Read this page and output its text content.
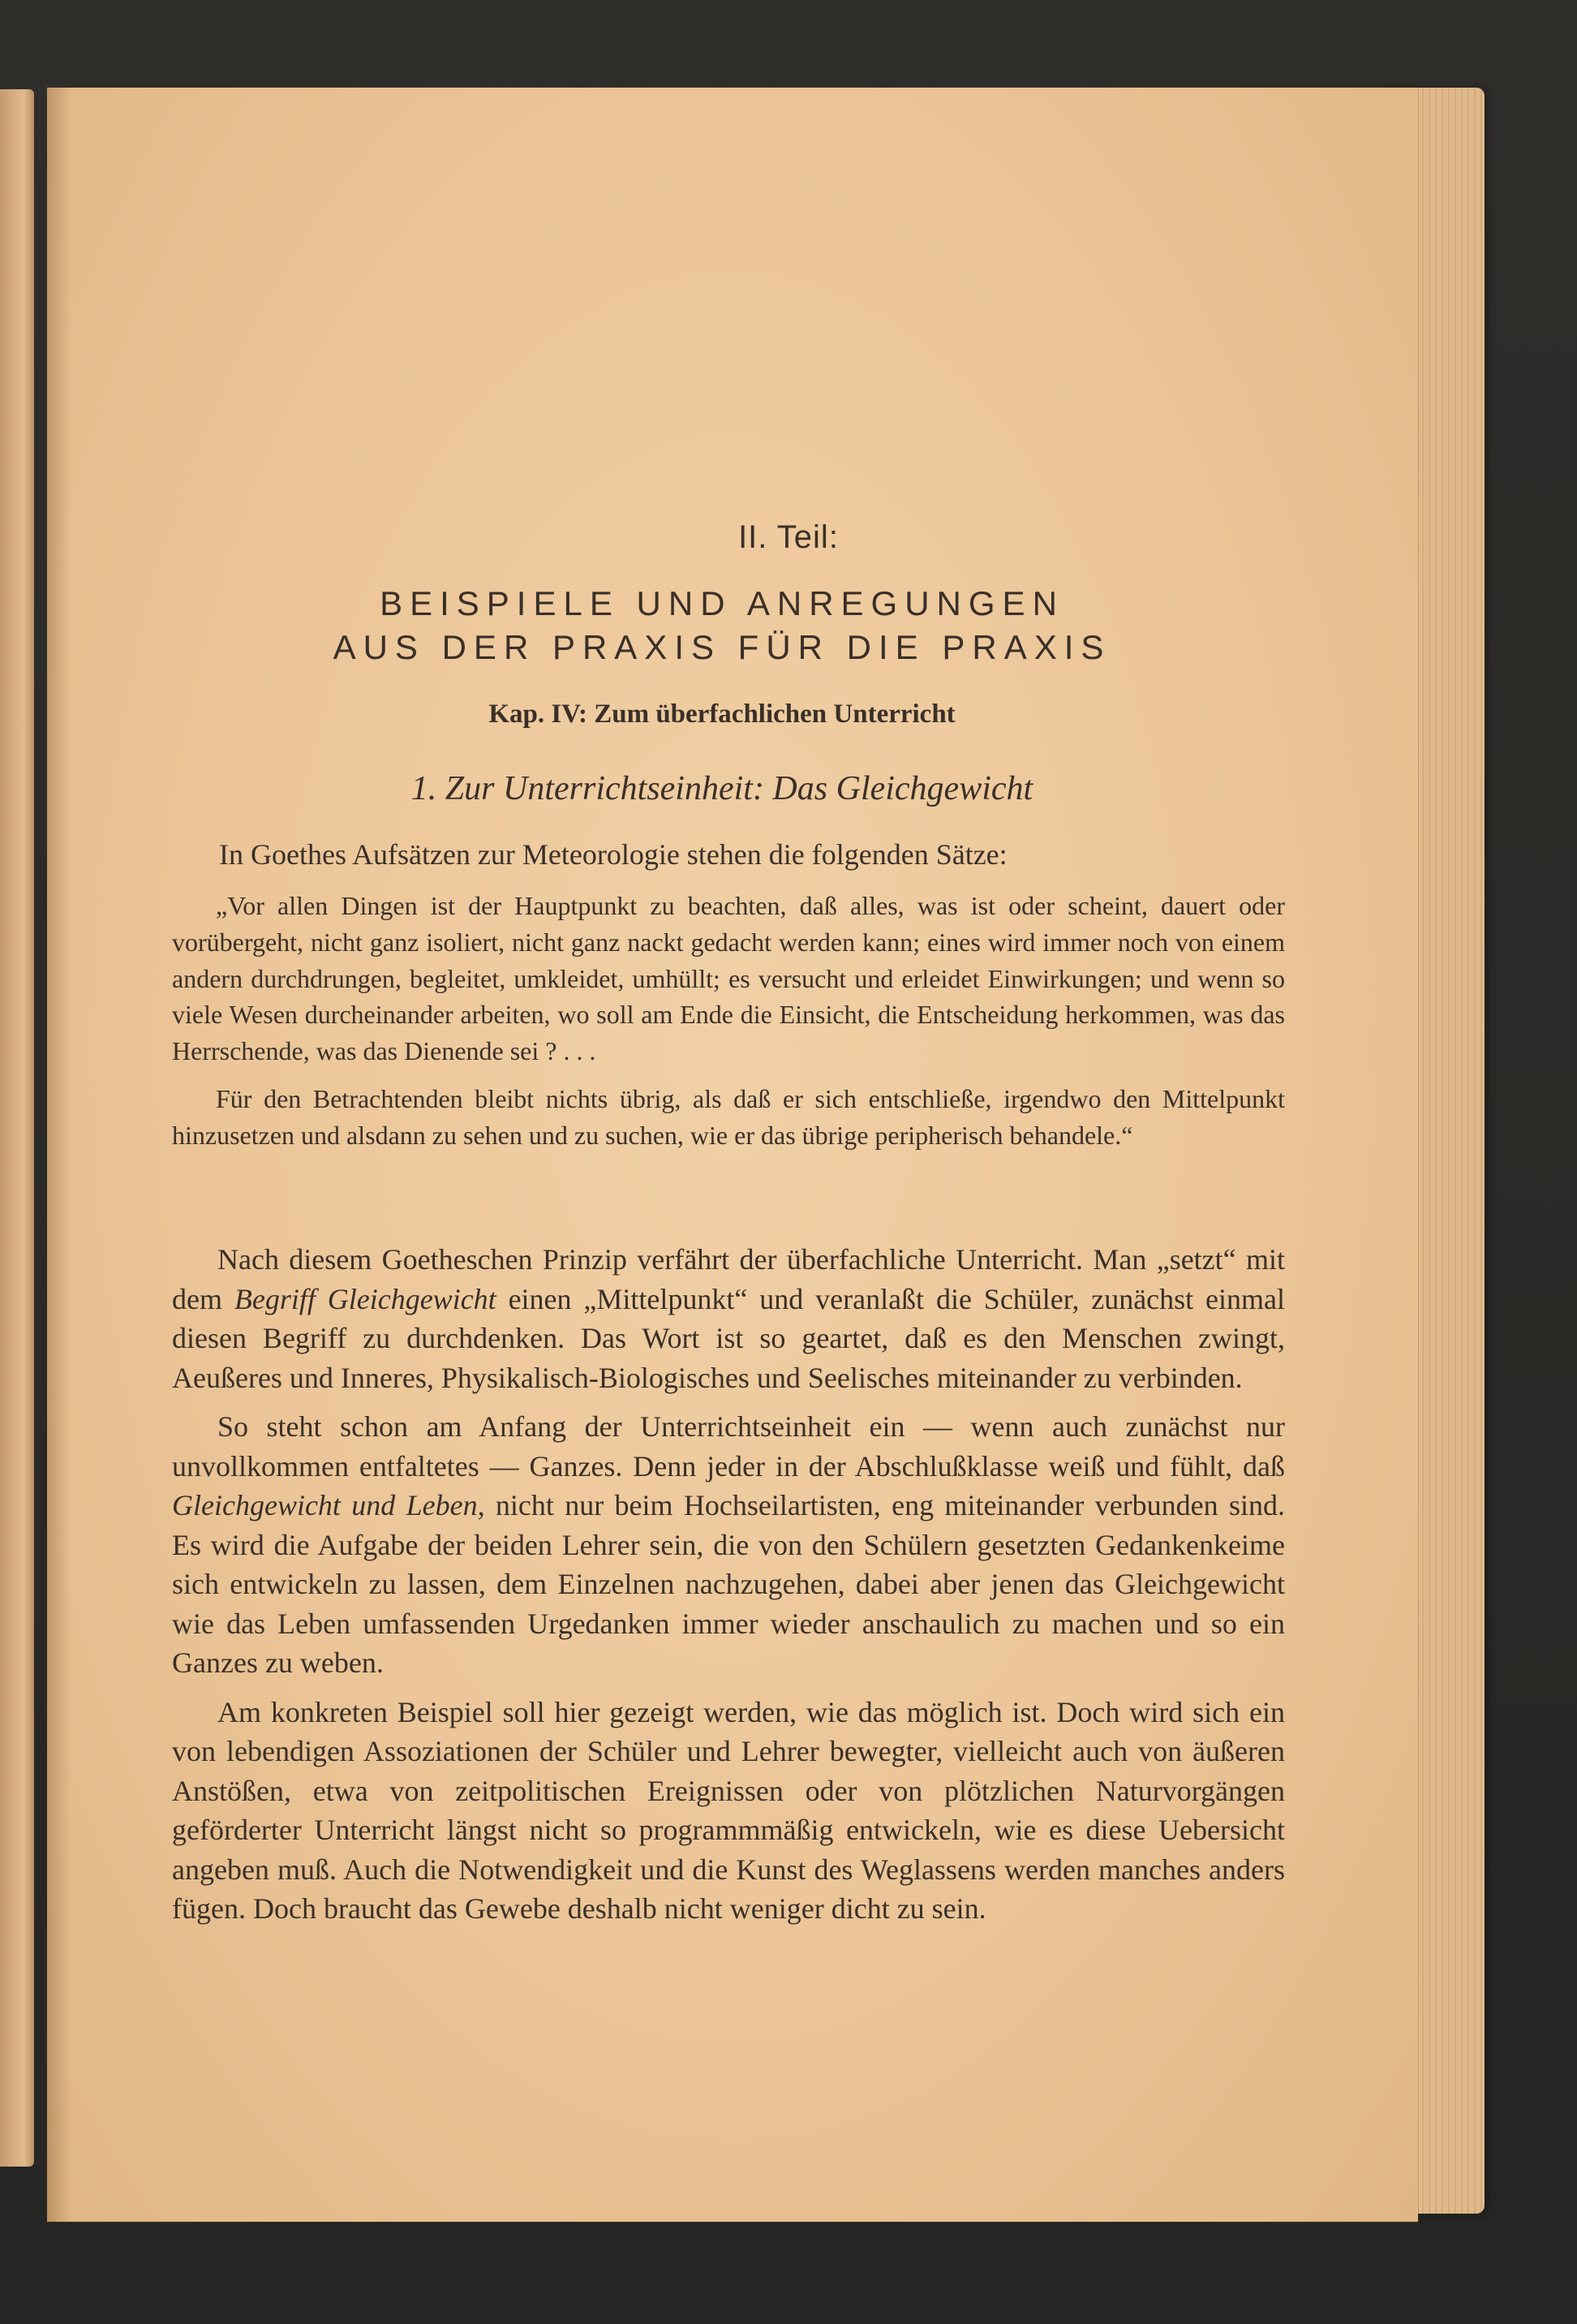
II. Teil:
BEISPIELE UND ANREGUNGEN
AUS DER PRAXIS FÜR DIE PRAXIS
Kap. IV: Zum überfachlichen Unterricht
1. Zur Unterrichtseinheit: Das Gleichgewicht
In Goethes Aufsätzen zur Meteorologie stehen die folgenden Sätze:

„Vor allen Dingen ist der Hauptpunkt zu beachten, daß alles, was ist oder scheint, dauert oder vorübergeht, nicht ganz isoliert, nicht ganz nackt gedacht werden kann; eines wird immer noch von einem andern durchdrungen, begleitet, umkleidet, umhüllt; es versucht und erleidet Einwirkungen; und wenn so viele Wesen durcheinander arbeiten, wo soll am Ende die Einsicht, die Entscheidung herkommen, was das Herrschende, was das Dienende sei ? . . .

Für den Betrachtenden bleibt nichts übrig, als daß er sich entschließe, irgendwo den Mittelpunkt hinzusetzen und alsdann zu sehen und zu suchen, wie er das übrige peripherisch behandele.“

Nach diesem Goetheschen Prinzip verfährt der überfachliche Unterricht. Man „setzt“ mit dem Begriff Gleichgewicht einen „Mittelpunkt“ und veranlaßt die Schüler, zunächst einmal diesen Begriff zu durchdenken. Das Wort ist so geartet, daß es den Menschen zwingt, Aeußeres und Inneres, Physikalisch-Biologisches und Seelisches miteinander zu verbinden.

So steht schon am Anfang der Unterrichtseinheit ein — wenn auch zunächst nur unvollkommen entfaltetes — Ganzes. Denn jeder in der Abschlußklasse weiß und fühlt, daß Gleichgewicht und Leben, nicht nur beim Hochseilartisten, eng miteinander verbunden sind. Es wird die Aufgabe der beiden Lehrer sein, die von den Schülern gesetzten Gedankenkeime sich entwickeln zu lassen, dem Einzelnen nachzugehen, dabei aber jenen das Gleichgewicht wie das Leben umfassenden Urgedanken immer wieder anschaulich zu machen und so ein Ganzes zu weben.

Am konkreten Beispiel soll hier gezeigt werden, wie das möglich ist. Doch wird sich ein von lebendigen Assoziationen der Schüler und Lehrer bewegter, vielleicht auch von äußeren Anstößen, etwa von zeitpolitischen Ereignissen oder von plötzlichen Naturvorgängen geförderter Unterricht längst nicht so programmmäßig entwickeln, wie es diese Uebersicht angeben muß. Auch die Notwendigkeit und die Kunst des Weglassens werden manches anders fügen. Doch braucht das Gewebe deshalb nicht weniger dicht zu sein.
